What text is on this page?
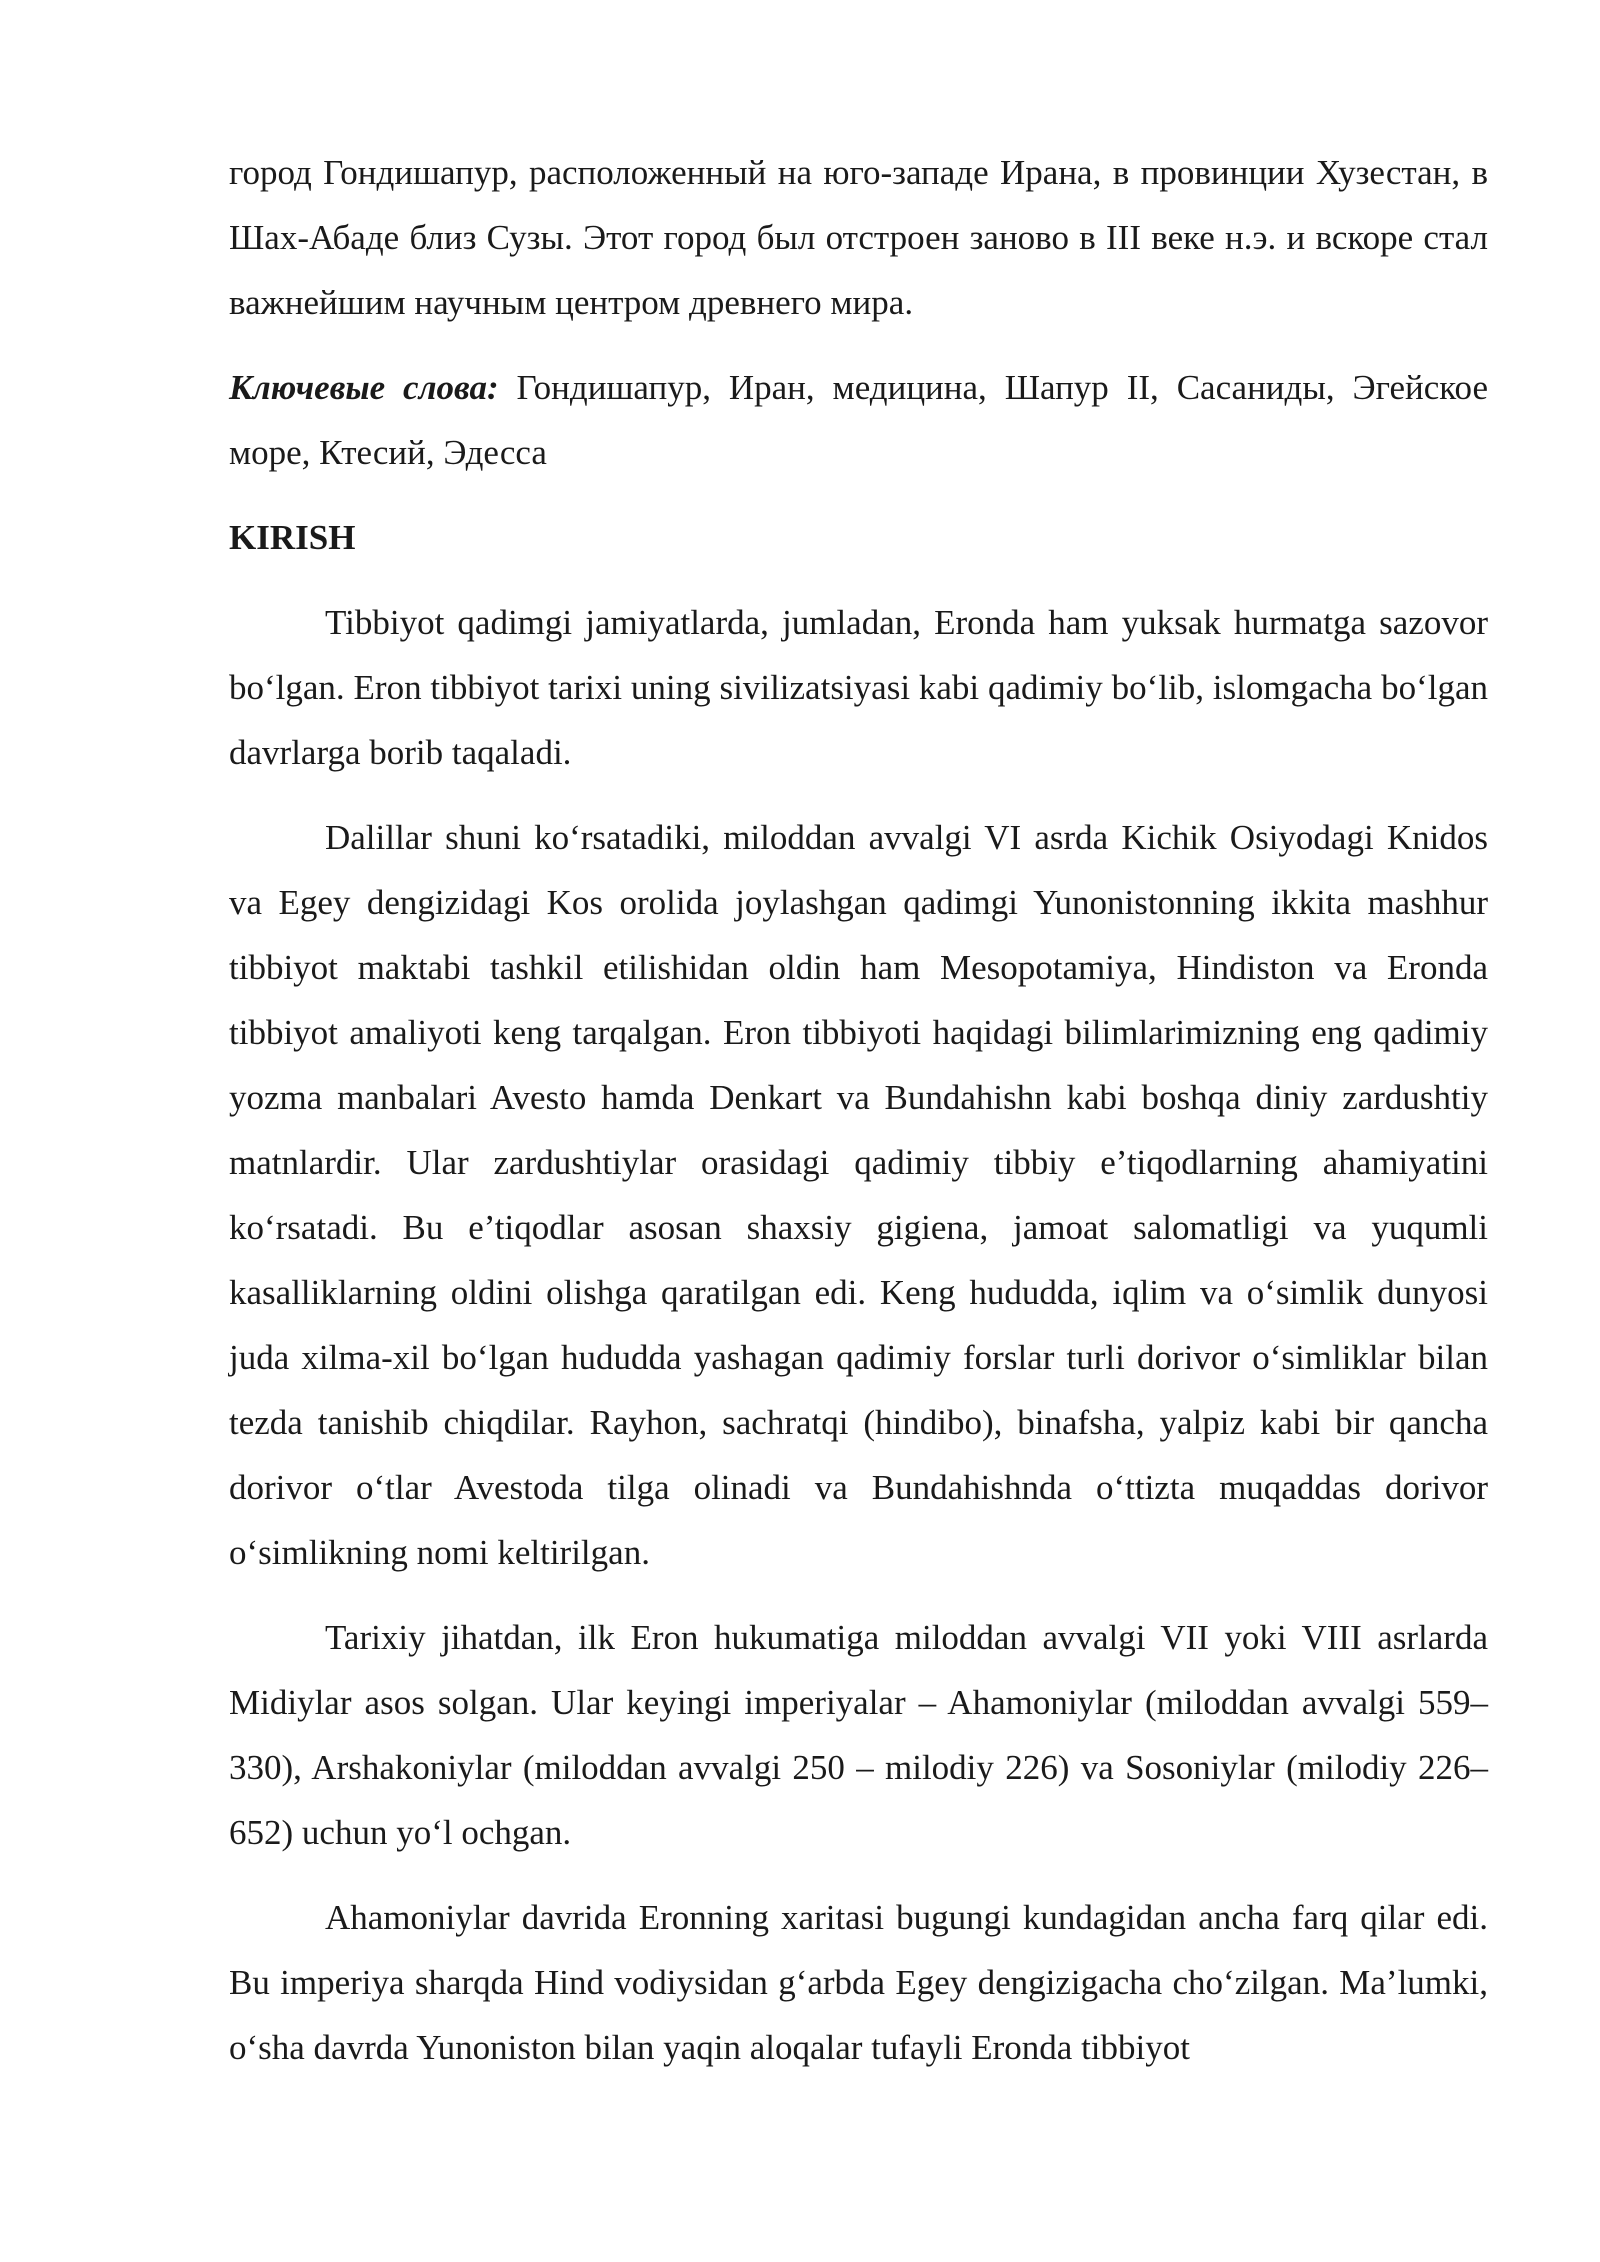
город Гондишапур, расположенный на юго-западе Ирана, в провинции Хузестан, в Шах-Абаде близ Сузы. Этот город был отстроен заново в III веке н.э. и вскоре стал важнейшим научным центром древнего мира.

Ключевые слова: Гондишапур, Иран, медицина, Шапур II, Сасаниды, Эгейское море, Ктесий, Эдесса

KIRISH

Tibbiyot qadimgi jamiyatlarda, jumladan, Eronda ham yuksak hurmatga sazovor bo‘lgan. Eron tibbiyot tarixi uning sivilizatsiyasi kabi qadimiy bo‘lib, islomgacha bo‘lgan davrlarga borib taqaladi.

Dalillar shuni ko‘rsatadiki, miloddan avvalgi VI asrda Kichik Osiyodagi Knidos va Egey dengizidagi Kos orolida joylashgan qadimgi Yunonistonning ikkita mashhur tibbiyot maktabi tashkil etilishidan oldin ham Mesopotamiya, Hindiston va Eronda tibbiyot amaliyoti keng tarqalgan. Eron tibbiyoti haqidagi bilimlarimizning eng qadimiy yozma manbalari Avesto hamda Denkart va Bundahishn kabi boshqa diniy zardushtiy matnlardir. Ular zardushtiylar orasidagi qadimiy tibbiy e’tiqodlarning ahamiyatini ko‘rsatadi. Bu e’tiqodlar asosan shaxsiy gigiena, jamoat salomatligi va yuqumli kasalliklarning oldini olishga qaratilgan edi. Keng hududda, iqlim va o‘simlik dunyosi juda xilma-xil bo‘lgan hududda yashagan qadimiy forslar turli dorivor o‘simliklar bilan tezda tanishib chiqdilar. Rayhon, sachratqi (hindibo), binafsha, yalpiz kabi bir qancha dorivor o‘tlar Avestoda tilga olinadi va Bundahishnda o‘ttizta muqaddas dorivor o‘simlikning nomi keltirilgan.

Tarixiy jihatdan, ilk Eron hukumatiga miloddan avvalgi VII yoki VIII asrlarda Midiylar asos solgan. Ular keyingi imperiyalar – Ahamoniylar (miloddan avvalgi 559–330), Arshakoniylar (miloddan avvalgi 250 – milodiy 226) va Sosoniylar (milodiy 226–652) uchun yo‘l ochgan.

Ahamoniylar davrida Eronning xaritasi bugungi kundagidan ancha farq qilar edi. Bu imperiya sharqda Hind vodiysidan g‘arbda Egey dengizigacha cho‘zilgan. Ma’lumki, o‘sha davrda Yunoniston bilan yaqin aloqalar tufayli Eronda tibbiyot
